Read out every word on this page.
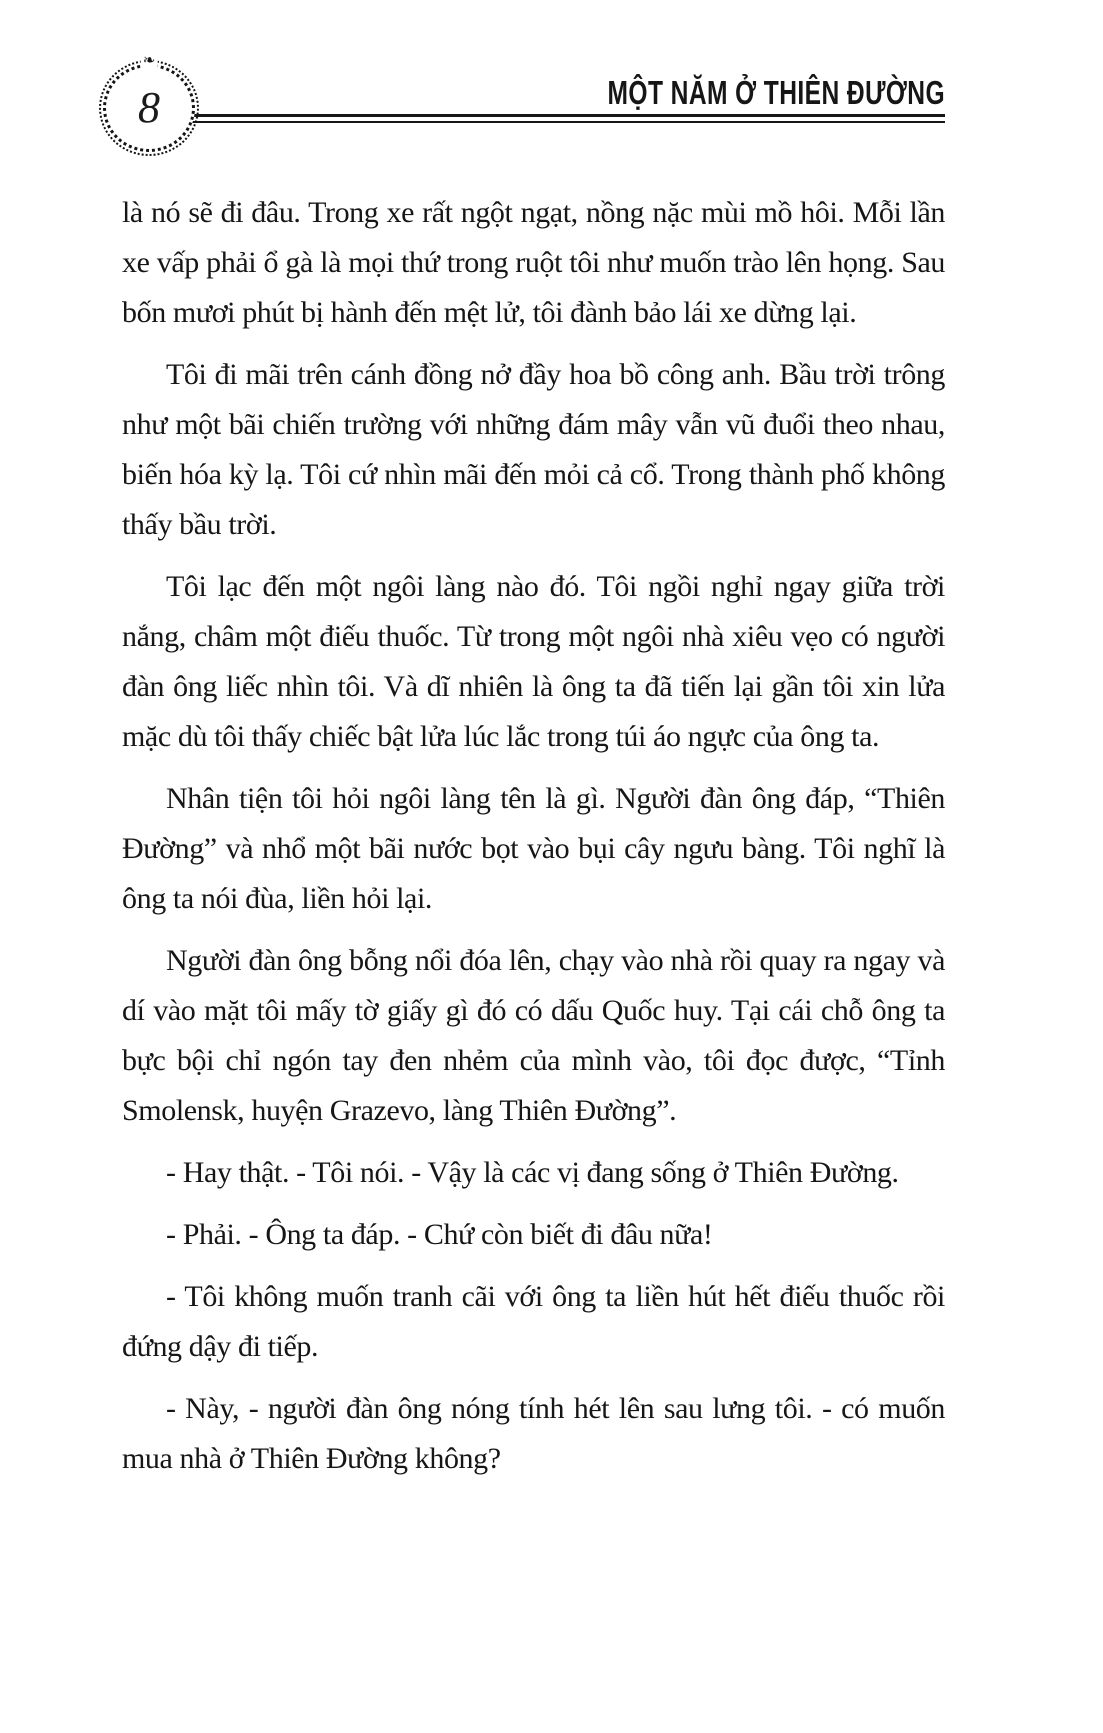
8
❧	MỘT NĂM Ở THIÊN ĐƯỜNG

là nó sẽ đi đâu. Trong xe rất ngột ngạt, nồng nặc mùi mồ hôi. Mỗi lần xe vấp phải ổ gà là mọi thứ trong ruột tôi như muốn trào lên họng. Sau bốn mươi phút bị hành đến mệt lử, tôi đành bảo lái xe dừng lại.

Tôi đi mãi trên cánh đồng nở đầy hoa bồ công anh. Bầu trời trông như một bãi chiến trường với những đám mây vẫn vũ đuổi theo nhau, biến hóa kỳ lạ. Tôi cứ nhìn mãi đến mỏi cả cổ. Trong thành phố không thấy bầu trời.

Tôi lạc đến một ngôi làng nào đó. Tôi ngồi nghỉ ngay giữa trời nắng, châm một điếu thuốc. Từ trong một ngôi nhà xiêu vẹo có người đàn ông liếc nhìn tôi. Và dĩ nhiên là ông ta đã tiến lại gần tôi xin lửa mặc dù tôi thấy chiếc bật lửa lúc lắc trong túi áo ngực của ông ta.

Nhân tiện tôi hỏi ngôi làng tên là gì. Người đàn ông đáp, “Thiên Đường” và nhổ một bãi nước bọt vào bụi cây ngưu bàng. Tôi nghĩ là ông ta nói đùa, liền hỏi lại.

Người đàn ông bỗng nổi đóa lên, chạy vào nhà rồi quay ra ngay và dí vào mặt tôi mấy tờ giấy gì đó có dấu Quốc huy. Tại cái chỗ ông ta bực bội chỉ ngón tay đen nhẻm của mình vào, tôi đọc được, “Tỉnh Smolensk, huyện Grazevo, làng Thiên Đường”.

- Hay thật. - Tôi nói. - Vậy là các vị đang sống ở Thiên Đường.

- Phải. - Ông ta đáp. - Chứ còn biết đi đâu nữa!

- Tôi không muốn tranh cãi với ông ta liền hút hết điếu thuốc rồi đứng dậy đi tiếp.

- Này, - người đàn ông nóng tính hét lên sau lưng tôi. - có muốn mua nhà ở Thiên Đường không?
